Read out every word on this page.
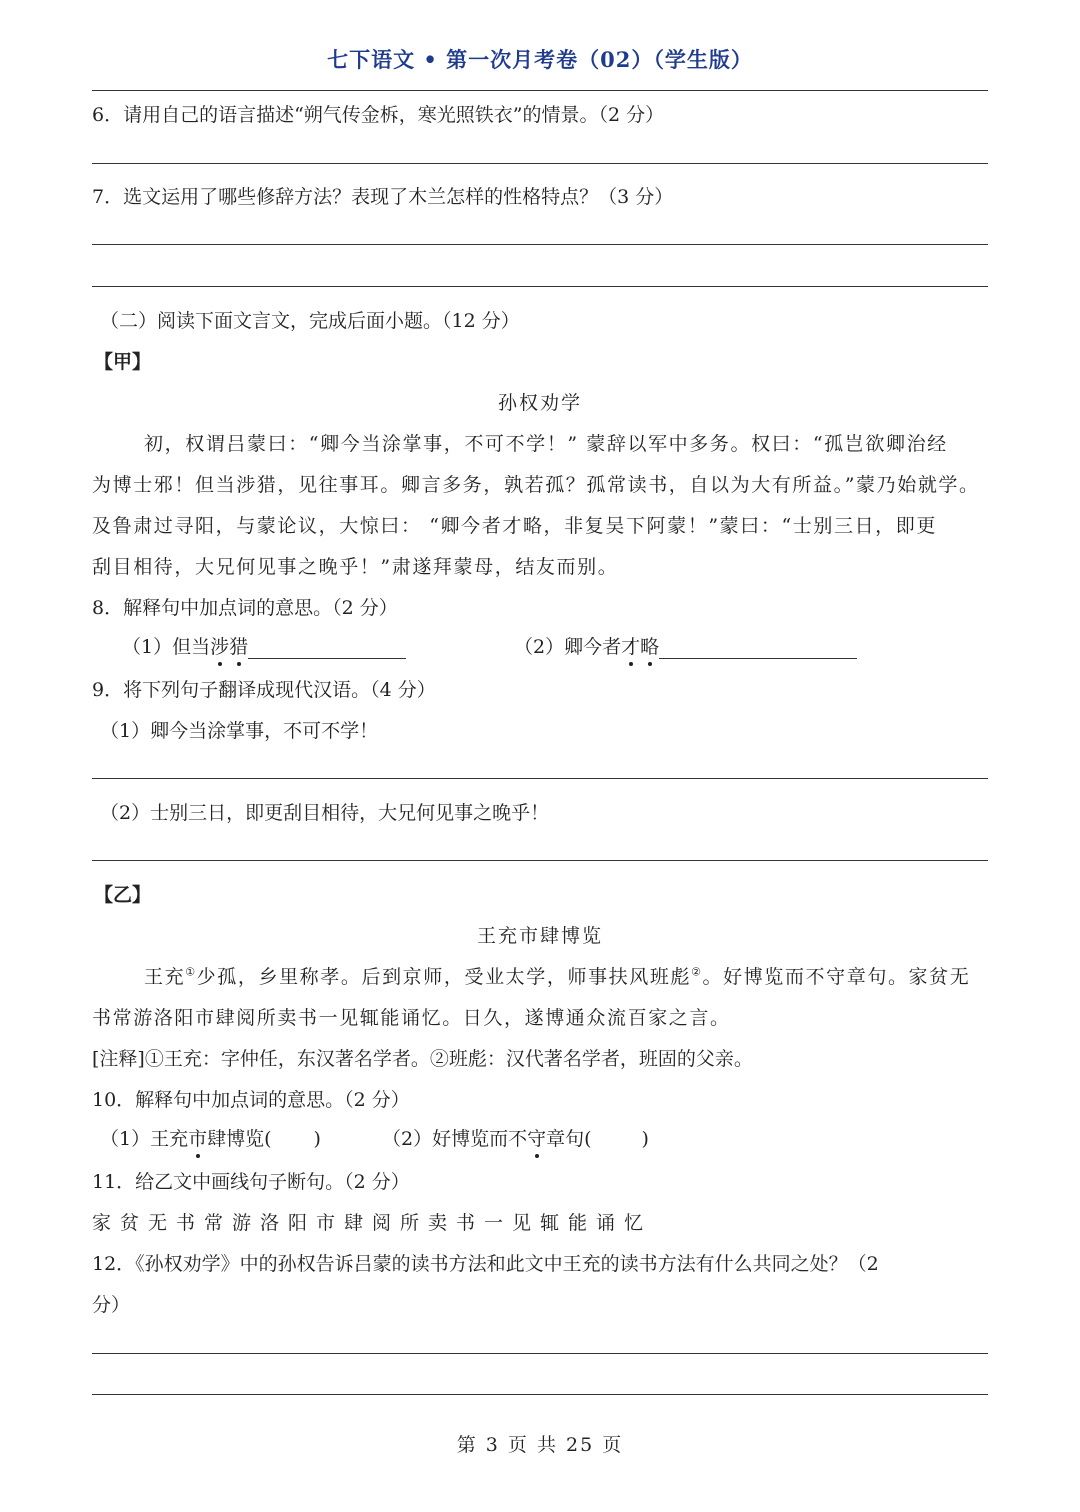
七下语文 • 第一次月考卷（02）（学生版）
6．请用自己的语言描述“朔气传金柝，寒光照铁衣”的情景。（2 分）
7．选文运用了哪些修辞方法？表现了木兰怎样的性格特点？（3 分）
（二）阅读下面文言文，完成后面小题。（12 分）
【甲】
孙权劝学
初，权谓吕蒙曰：“卿今当涂掌事，不可不学！” 蒙辞以军中多务。权曰：“孤岂欲卿治经
为博士邪！但当涉猎，见往事耳。卿言多务，孰若孤？孤常读书，自以为大有所益。”蒙乃始就学。
及鲁肃过寻阳，与蒙论议，大惊曰： “卿今者才略，非复吴下阿蒙！”蒙曰：“士别三日，即更
刮目相待，大兄何见事之晚乎！”肃遂拜蒙母，结友而别。
8．解释句中加点词的意思。（2 分）
（1）但当涉猎	（2）卿今者才略
9．将下列句子翻译成现代汉语。（4 分）
（1）卿今当涂掌事，不可不学！
（2）士别三日，即更刮目相待，大兄何见事之晚乎！
【乙】
王充市肆博览
王充①少孤，乡里称孝。后到京师，受业太学，师事扶风班彪②。好博览而不守章句。家贫无
书常游洛阳市肆阅所卖书一见辄能诵忆。日久，遂博通众流百家之言。
[注释]①王充：字仲任，东汉著名学者。②班彪：汉代著名学者，班固的父亲。
10．解释句中加点词的意思。（2 分）
（1）王充市肆博览( )	（2）好博览而不守章句(	)
11．给乙文中画线句子断句。（2 分）
家贫无书常游洛阳市肆阅所卖书一见辄能诵忆
12．《孙权劝学》中的孙权告诉吕蒙的读书方法和此文中王充的读书方法有什么共同之处？（2
分）
第 3 页 共 25 页
